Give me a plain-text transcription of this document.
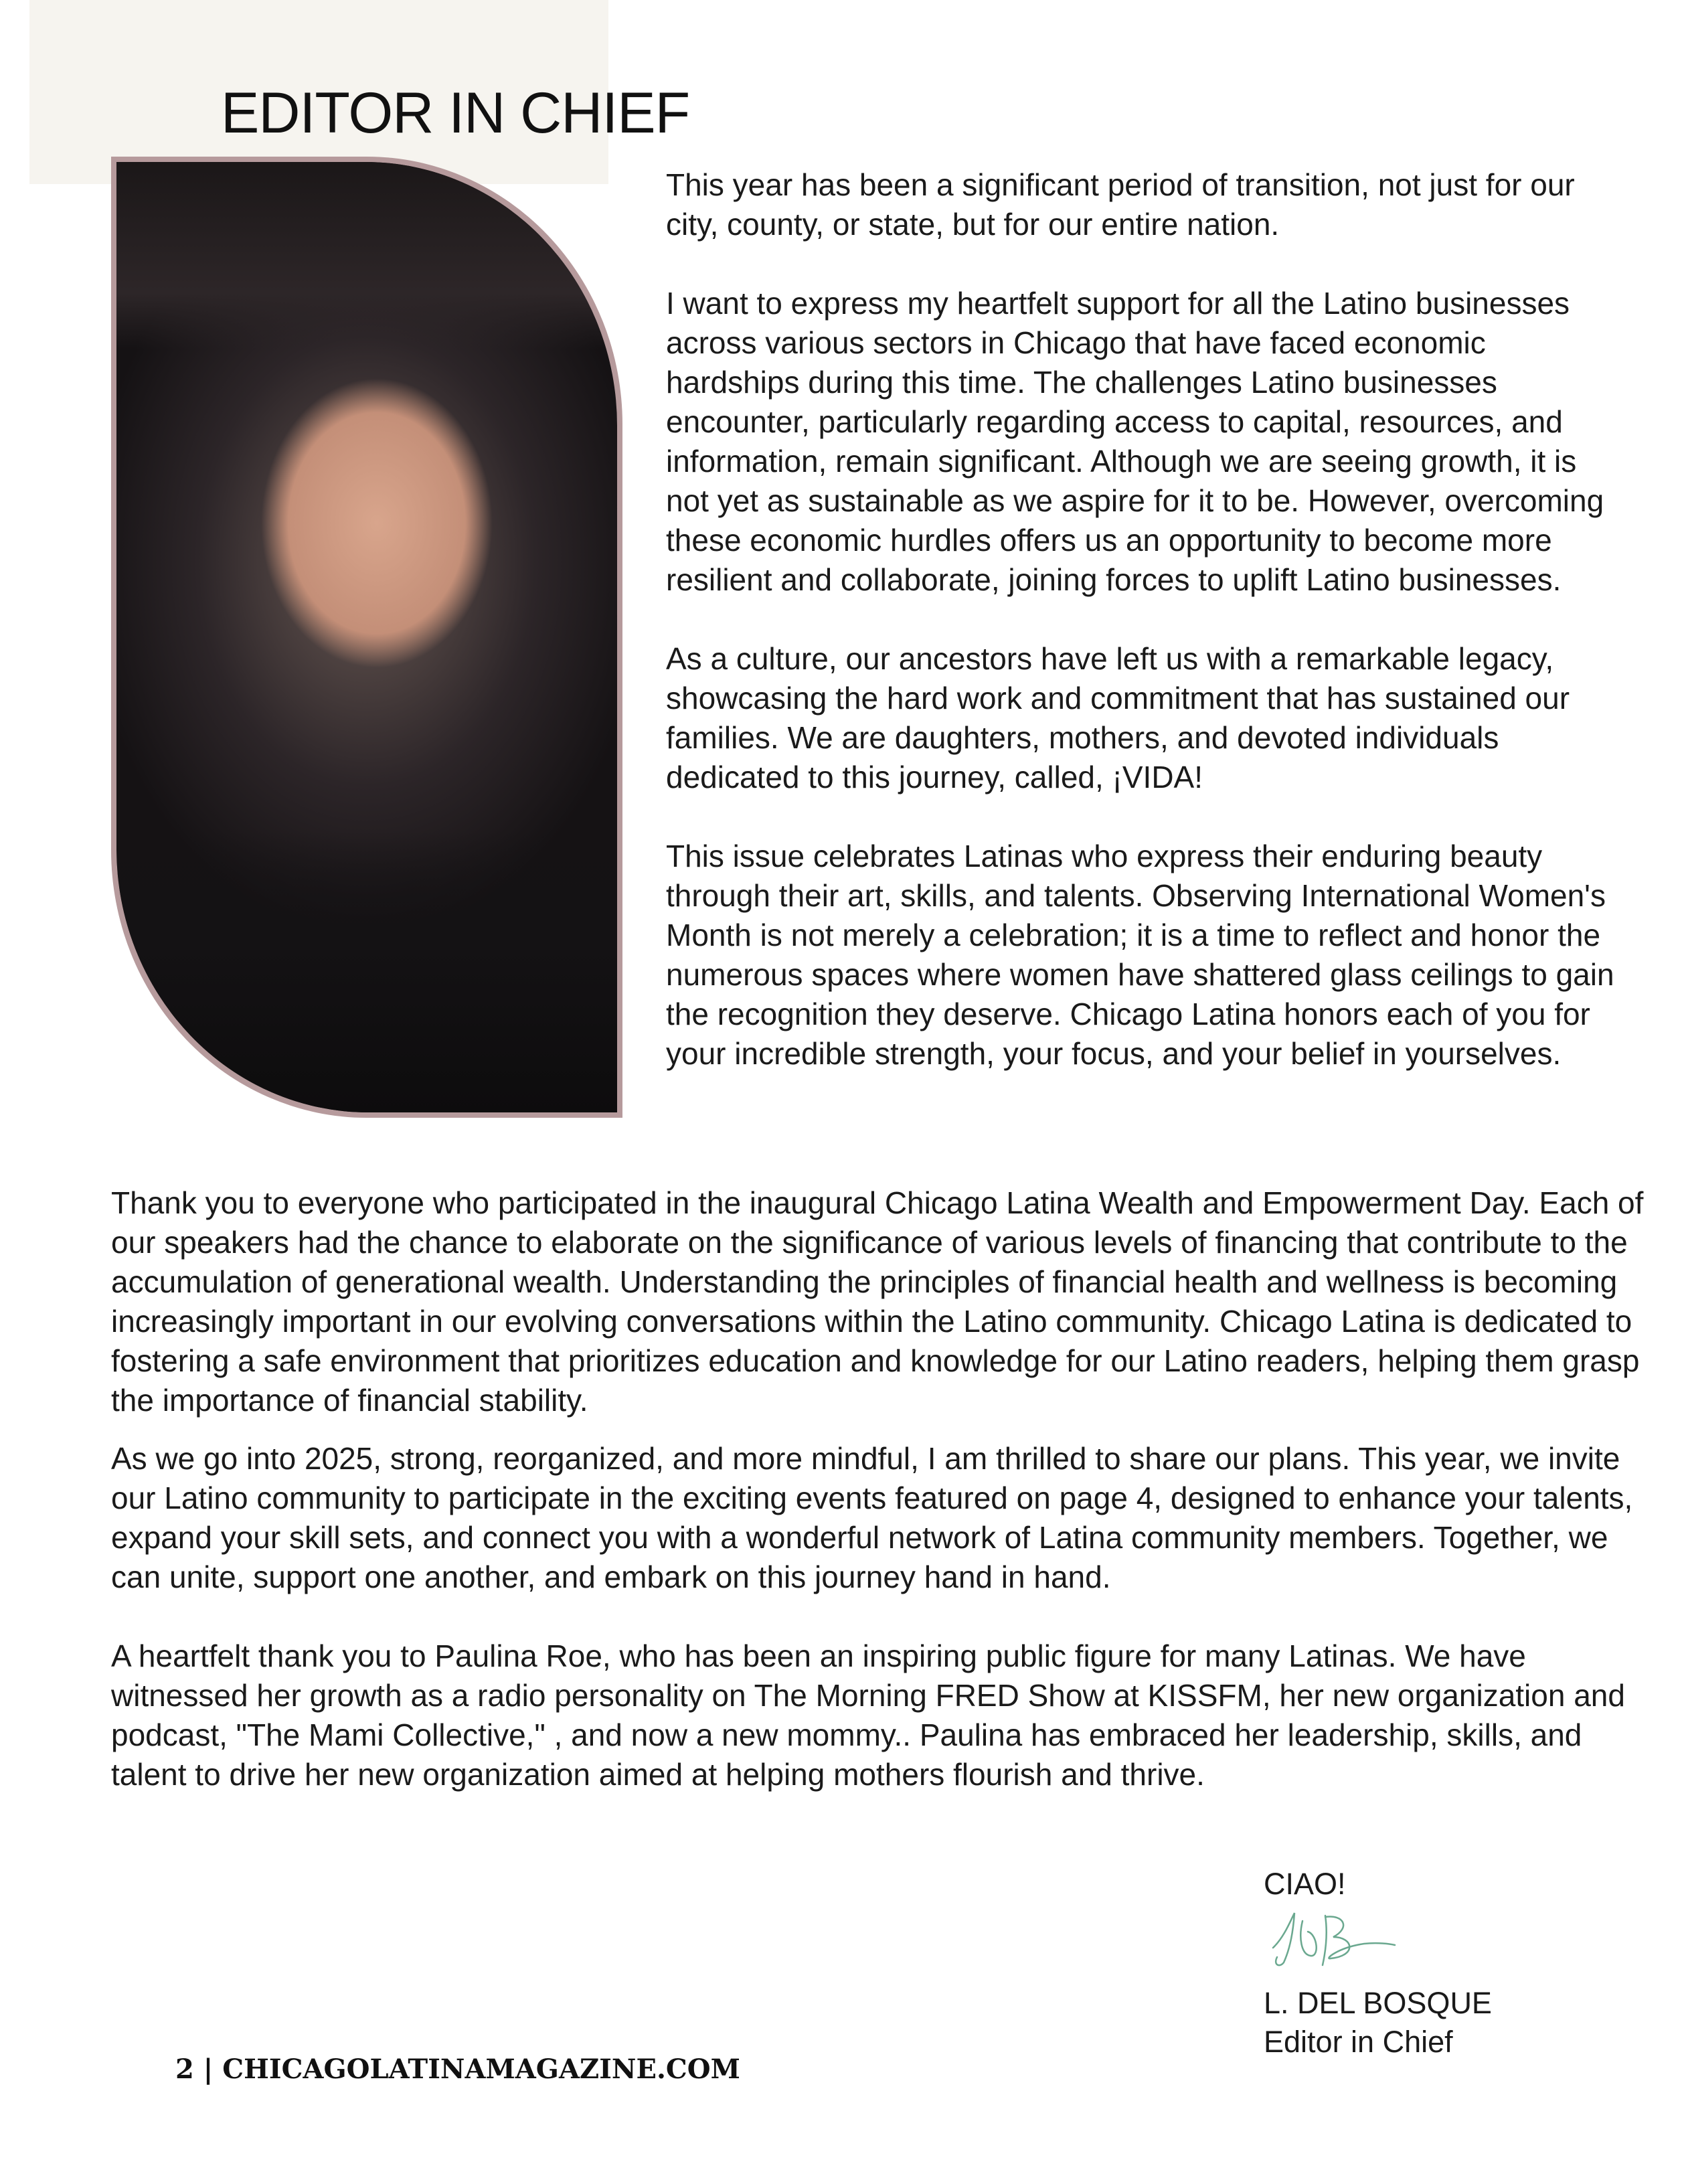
EDITOR IN CHIEF

This year has been a significant period of transition, not just for our city, county, or state, but for our entire nation.

I want to express my heartfelt support for all the Latino businesses across various sectors in Chicago that have faced economic hardships during this time. The challenges Latino businesses encounter, particularly regarding access to capital, resources, and information, remain significant. Although we are seeing growth, it is not yet as sustainable as we aspire for it to be. However, overcoming these economic hurdles offers us an opportunity to become more resilient and collaborate, joining forces to uplift Latino businesses.

As a culture, our ancestors have left us with a remarkable legacy, showcasing the hard work and commitment that has sustained our families. We are daughters, mothers, and devoted individuals dedicated to this journey, called, ¡VIDA!

This issue celebrates Latinas who express their enduring beauty through their art, skills, and talents. Observing International Women's Month is not merely a celebration; it is a time to reflect and honor the numerous spaces where women have shattered glass ceilings to gain the recognition they deserve. Chicago Latina honors each of you for your incredible strength, your focus, and your belief in yourselves.

Thank you to everyone who participated in the inaugural Chicago Latina Wealth and Empowerment Day. Each of our speakers had the chance to elaborate on the significance of various levels of financing that contribute to the accumulation of generational wealth. Understanding the principles of financial health and wellness is becoming increasingly important in our evolving conversations within the Latino community. Chicago Latina is dedicated to fostering a safe environment that prioritizes education and knowledge for our Latino readers, helping them grasp the importance of financial stability.

As we go into 2025, strong, reorganized, and more mindful, I am thrilled to share our plans. This year, we invite our Latino community to participate in the exciting events featured on page 4, designed to enhance your talents, expand your skill sets, and connect you with a wonderful network of Latina community members. Together, we can unite, support one another, and embark on this journey hand in hand.

A heartfelt thank you to Paulina Roe, who has been an inspiring public figure for many Latinas. We have witnessed her growth as a radio personality on The Morning FRED Show at KISSFM, her new organization and podcast, "The Mami Collective," , and now a new mommy.. Paulina has embraced her leadership, skills, and talent to drive her new organization aimed at helping mothers flourish and thrive.

CIAO!

L. DEL BOSQUE

Editor in Chief

2 | CHICAGOLATINAMAGAZINE.COM
